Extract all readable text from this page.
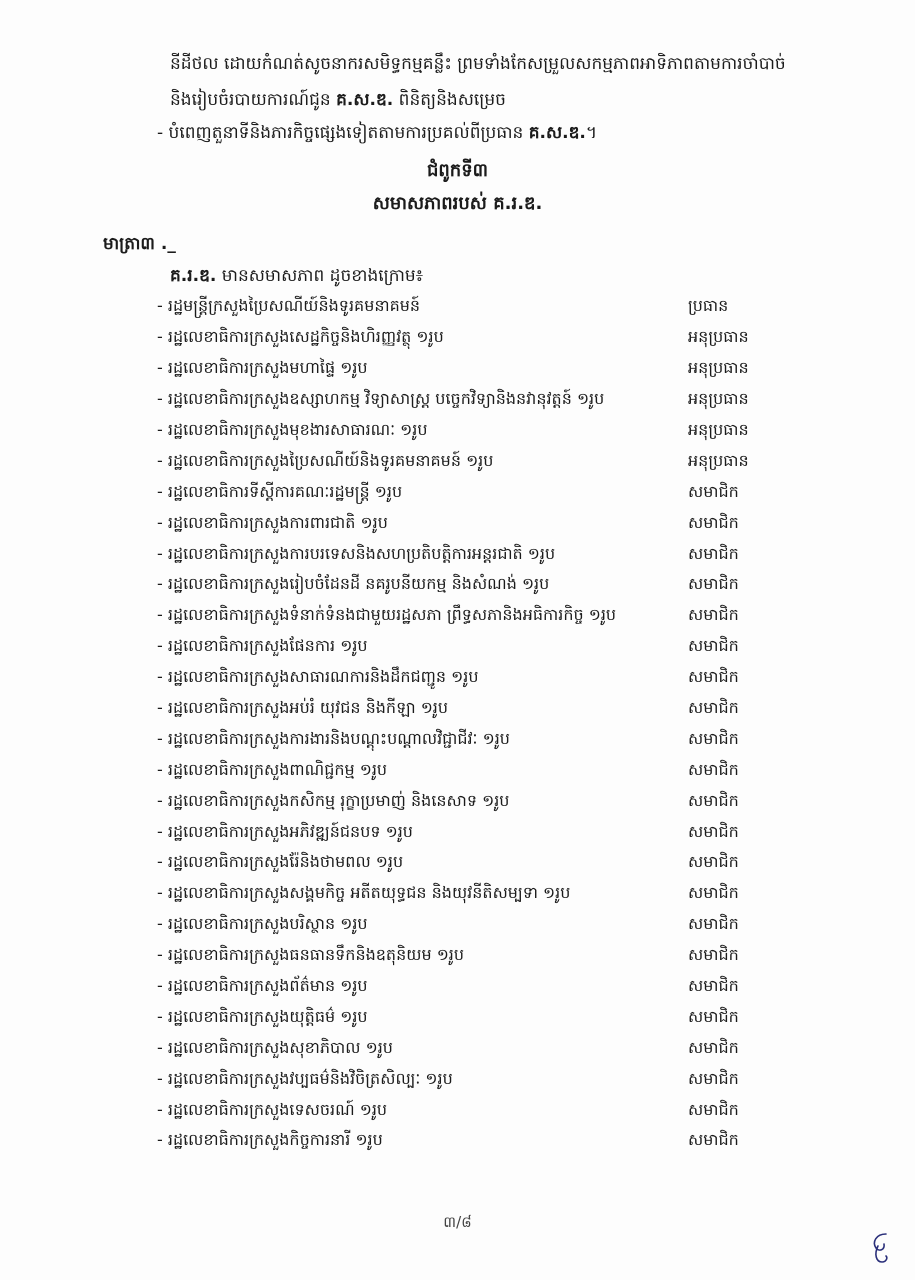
នីដីថល ដោយកំណត់សូចនាករសមិទ្ធកម្មគន្លឹះ ព្រមទាំងកែសម្រួលសកម្មភាពអាទិភាពតាមការចាំបាច់
និងរៀបចំរបាយការណ៍ជូន គ.ស.ឌ. ពិនិត្យនិងសម្រេច
- បំពេញតួនាទីនិងភារកិច្ចផ្សេងទៀតតាមការប្រគល់ពីប្រធាន គ.ស.ឌ.។
ជំពូកទី៣
សមាសភាពរបស់ គ.រ.ឌ.
មាត្រា៣ ._
គ.រ.ឌ. មានសមាសភាព ដូចខាងក្រោម៖
- រដ្ឋមន្ត្រីក្រសួងប្រៃសណីយ៍និងទូរគមនាគមន៍	ប្រធាន
- រដ្ឋលេខាធិការក្រសួងសេដ្ឋកិច្ចនិងហិរញ្ញវត្ថុ ១រូប	អនុប្រធាន
- រដ្ឋលេខាធិការក្រសួងមហាផ្ទៃ ១រូប	អនុប្រធាន
- រដ្ឋលេខាធិការក្រសួងឧស្សាហកម្ម វិទ្យាសាស្ត្រ បច្ចេកវិទ្យានិងនវានុវត្តន៍ ១រូប	អនុប្រធាន
- រដ្ឋលេខាធិការក្រសួងមុខងារសាធារណៈ ១រូប	អនុប្រធាន
- រដ្ឋលេខាធិការក្រសួងប្រៃសណីយ៍និងទូរគមនាគមន៍ ១រូប	អនុប្រធាន
- រដ្ឋលេខាធិការទីស្តីការគណៈរដ្ឋមន្ត្រី ១រូប	សមាជិក
- រដ្ឋលេខាធិការក្រសួងការពារជាតិ ១រូប	សមាជិក
- រដ្ឋលេខាធិការក្រសួងការបរទេសនិងសហប្រតិបត្តិការអន្តរជាតិ ១រូប	សមាជិក
- រដ្ឋលេខាធិការក្រសួងរៀបចំដែនដី នគរូបនីយកម្ម និងសំណង់ ១រូប	សមាជិក
- រដ្ឋលេខាធិការក្រសួងទំនាក់ទំនងជាមួយរដ្ឋសភា ព្រឹទ្ធសភានិងអធិការកិច្ច ១រូប	សមាជិក
- រដ្ឋលេខាធិការក្រសួងផែនការ ១រូប	សមាជិក
- រដ្ឋលេខាធិការក្រសួងសាធារណការនិងដឹកជញ្ជូន ១រូប	សមាជិក
- រដ្ឋលេខាធិការក្រសួងអប់រំ យុវជន និងកីឡា ១រូប	សមាជិក
- រដ្ឋលេខាធិការក្រសួងការងារនិងបណ្តុះបណ្តាលវិជ្ជាជីវៈ ១រូប	សមាជិក
- រដ្ឋលេខាធិការក្រសួងពាណិជ្ជកម្ម ១រូប	សមាជិក
- រដ្ឋលេខាធិការក្រសួងកសិកម្ម រុក្ខាប្រមាញ់ និងនេសាទ ១រូប	សមាជិក
- រដ្ឋលេខាធិការក្រសួងអភិវឌ្ឍន៍ជនបទ ១រូប	សមាជិក
- រដ្ឋលេខាធិការក្រសួងរ៉ែនិងថាមពល ១រូប	សមាជិក
- រដ្ឋលេខាធិការក្រសួងសង្គមកិច្ច អតីតយុទ្ធជន និងយុវនីតិសម្បទា ១រូប	សមាជិក
- រដ្ឋលេខាធិការក្រសួងបរិស្ថាន ១រូប	សមាជិក
- រដ្ឋលេខាធិការក្រសួងធនធានទឹកនិងឧតុនិយម ១រូប	សមាជិក
- រដ្ឋលេខាធិការក្រសួងព័ត៌មាន ១រូប	សមាជិក
- រដ្ឋលេខាធិការក្រសួងយុត្តិធម៌ ១រូប	សមាជិក
- រដ្ឋលេខាធិការក្រសួងសុខាភិបាល ១រូប	សមាជិក
- រដ្ឋលេខាធិការក្រសួងវប្បធម៌និងវិចិត្រសិល្បៈ ១រូប	សមាជិក
- រដ្ឋលេខាធិការក្រសួងទេសចរណ៍ ១រូប	សមាជិក
- រដ្ឋលេខាធិការក្រសួងកិច្ចការនារី ១រូប	សមាជិក
៣/៨
